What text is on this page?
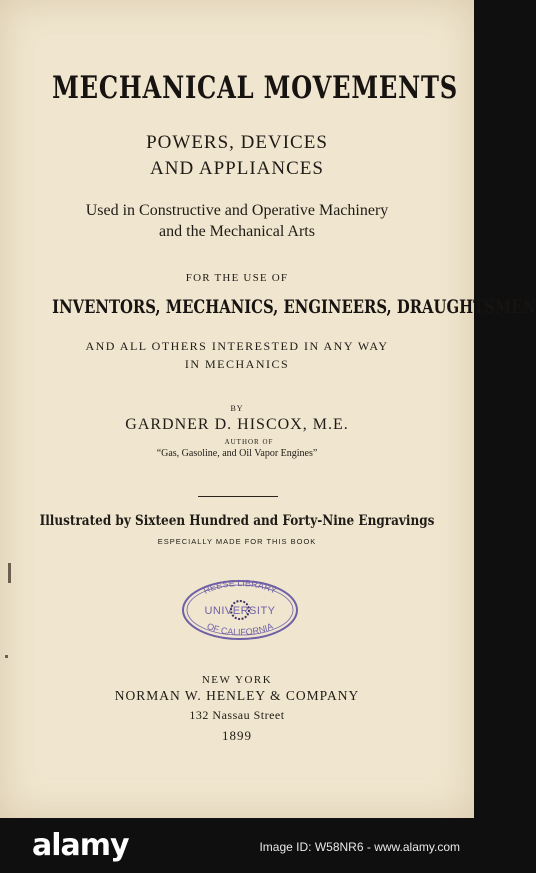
MECHANICAL MOVEMENTS
POWERS, DEVICES
AND APPLIANCES
Used in Constructive and Operative Machinery
and the Mechanical Arts
FOR THE USE OF
INVENTORS, MECHANICS, ENGINEERS, DRAUGHTSMEN
AND ALL OTHERS INTERESTED IN ANY WAY
IN MECHANICS
BY
GARDNER D. HISCOX, M.E.
AUTHOR OF
“Gas, Gasoline, and Oil Vapor Engines”
Illustrated by Sixteen Hundred and Forty-Nine Engravings
ESPECIALLY MADE FOR THIS BOOK
REESE LIBRARY
UNIVERSITY
OF CALIFORNIA
NEW YORK
NORMAN W. HENLEY & COMPANY
132 Nassau Street
1899
alamy	Image ID: W58NR6 - www.alamy.com
